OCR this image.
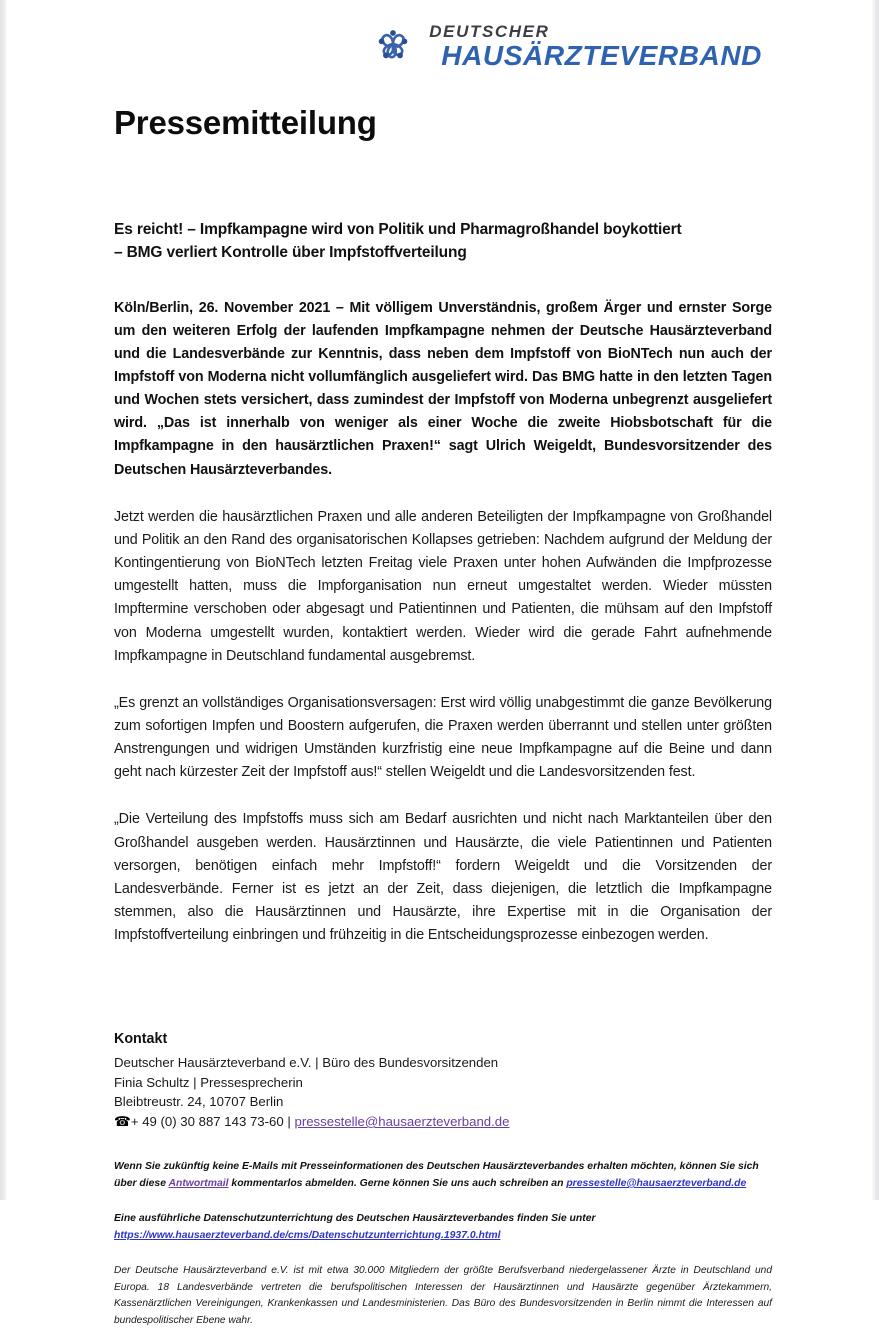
DEUTSCHER
HAUSÄRZTEVERBAND
Pressemitteilung
Es reicht! – Impfkampagne wird von Politik und Pharmagroßhandel boykottiert
– BMG verliert Kontrolle über Impfstoffverteilung

Köln/Berlin, 26. November 2021 – Mit völligem Unverständnis, großem Ärger und ernster Sorge um den weiteren Erfolg der laufenden Impfkampagne nehmen der Deutsche Hausärzteverband und die Landesverbände zur Kenntnis, dass neben dem Impfstoff von BioNTech nun auch der Impfstoff von Moderna nicht vollumfänglich ausgeliefert wird. Das BMG hatte in den letzten Tagen und Wochen stets versichert, dass zumindest der Impfstoff von Moderna unbegrenzt ausgeliefert wird. „Das ist innerhalb von weniger als einer Woche die zweite Hiobsbotschaft für die Impfkampagne in den hausärztlichen Praxen!“ sagt Ulrich Weigeldt, Bundesvorsitzender des Deutschen Hausärzteverbandes.

Jetzt werden die hausärztlichen Praxen und alle anderen Beteiligten der Impfkampagne von Großhandel und Politik an den Rand des organisatorischen Kollapses getrieben: Nachdem aufgrund der Meldung der Kontingentierung von BioNTech letzten Freitag viele Praxen unter hohen Aufwänden die Impfprozesse umgestellt hatten, muss die Impforganisation nun erneut umgestaltet werden. Wieder müssten Impftermine verschoben oder abgesagt und Patientinnen und Patienten, die mühsam auf den Impfstoff von Moderna umgestellt wurden, kontaktiert werden. Wieder wird die gerade Fahrt aufnehmende Impfkampagne in Deutschland fundamental ausgebremst.

„Es grenzt an vollständiges Organisationsversagen: Erst wird völlig unabgestimmt die ganze Bevölkerung zum sofortigen Impfen und Boostern aufgerufen, die Praxen werden überrannt und stellen unter größten Anstrengungen und widrigen Umständen kurzfristig eine neue Impfkampagne auf die Beine und dann geht nach kürzester Zeit der Impfstoff aus!“ stellen Weigeldt und die Landesvorsitzenden fest.

„Die Verteilung des Impfstoffs muss sich am Bedarf ausrichten und nicht nach Marktanteilen über den Großhandel ausgeben werden. Hausärztinnen und Hausärzte, die viele Patientinnen und Patienten versorgen, benötigen einfach mehr Impfstoff!“ fordern Weigeldt und die Vorsitzenden der Landesverbände. Ferner ist es jetzt an der Zeit, dass diejenigen, die letztlich die Impfkampagne stemmen, also die Hausärztinnen und Hausärzte, ihre Expertise mit in die Organisation der Impfstoffverteilung einbringen und frühzeitig in die Entscheidungsprozesse einbezogen werden.

Kontakt
Deutscher Hausärzteverband e.V. | Büro des Bundesvorsitzenden
Finia Schultz | Pressesprecherin
Bleibtreustr. 24, 10707 Berlin
☎+ 49 (0) 30 887 143 73-60 | pressestelle@hausaerzteverband.de
Wenn Sie zukünftig keine E-Mails mit Presseinformationen des Deutschen Hausärzteverbandes erhalten möchten, können Sie sich über diese Antwortmail kommentarlos abmelden. Gerne können Sie uns auch schreiben an pressestelle@hausaerzteverband.de
Eine ausführliche Datenschutzunterrichtung des Deutschen Hausärzteverbandes finden Sie unter
https://www.hausaerzteverband.de/cms/Datenschutzunterrichtung.1937.0.html
Der Deutsche Hausärzteverband e.V. ist mit etwa 30.000 Mitgliedern der größte Berufsverband niedergelassener Ärzte in Deutschland und Europa. 18 Landesverbände vertreten die berufspolitischen Interessen der Hausärztinnen und Hausärzte gegenüber Ärztekammern, Kassenärztlichen Vereinigungen, Krankenkassen und Landesministerien. Das Büro des Bundesvorsitzenden in Berlin nimmt die Interessen auf bundespolitischer Ebene wahr.
